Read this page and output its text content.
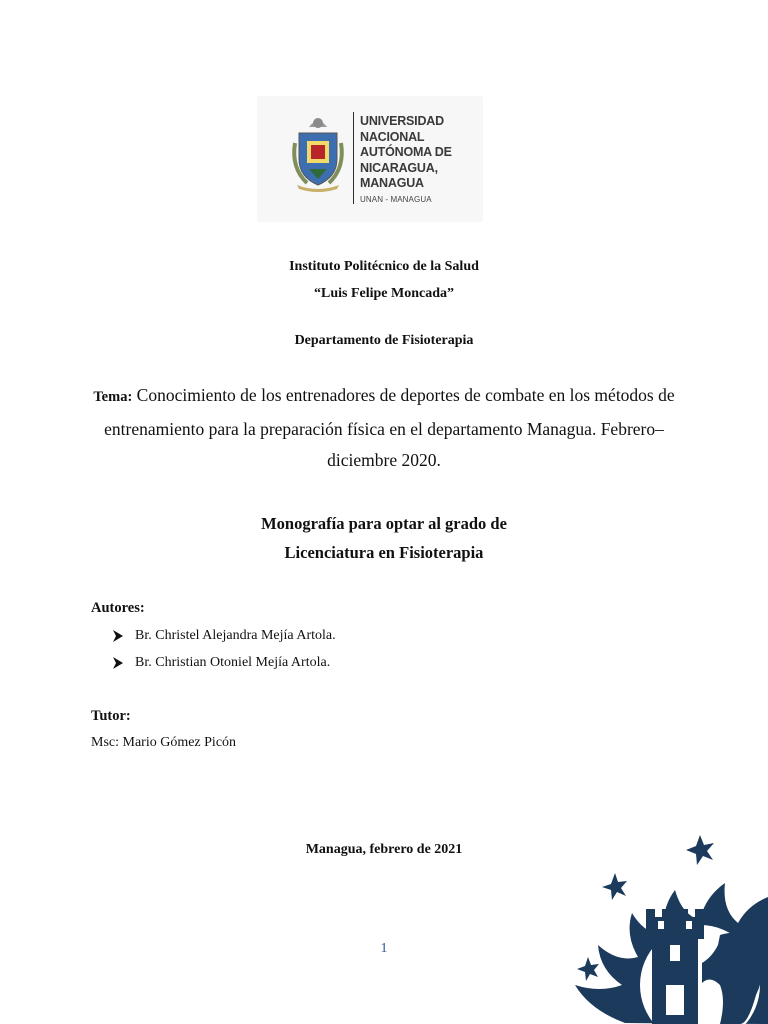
UNIVERSIDAD
NACIONAL
AUTÓNOMA DE
NICARAGUA,
MANAGUA
UNAN - MANAGUA
Instituto Politécnico de la Salud
“Luis Felipe Moncada”
Departamento de Fisioterapia
Tema: Conocimiento de los entrenadores de deportes de combate en los métodos de entrenamiento para la preparación física en el departamento Managua. Febrero–diciembre 2020.
Monografía para optar al grado de
Licenciatura en Fisioterapia
Autores:
Br. Christel Alejandra Mejía Artola.
Br. Christian Otoniel Mejía Artola.
Tutor:
Msc: Mario Gómez Picón
Managua, febrero de 2021
1
